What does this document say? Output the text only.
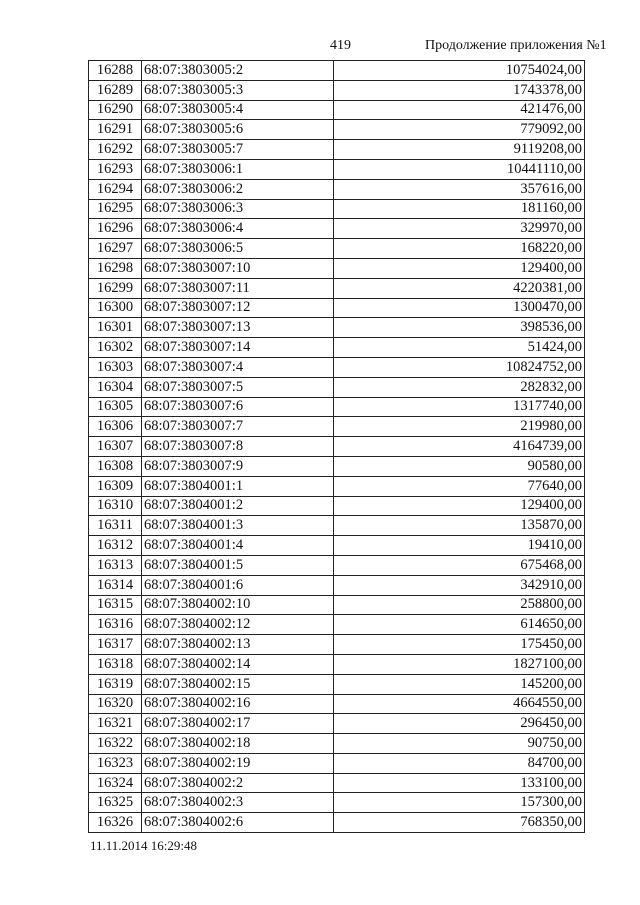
419	Продолжение приложения №1
16288	68:07:3803005:2	10754024,00
16289	68:07:3803005:3	1743378,00
16290	68:07:3803005:4	421476,00
16291	68:07:3803005:6	779092,00
16292	68:07:3803005:7	9119208,00
16293	68:07:3803006:1	10441110,00
16294	68:07:3803006:2	357616,00
16295	68:07:3803006:3	181160,00
16296	68:07:3803006:4	329970,00
16297	68:07:3803006:5	168220,00
16298	68:07:3803007:10	129400,00
16299	68:07:3803007:11	4220381,00
16300	68:07:3803007:12	1300470,00
16301	68:07:3803007:13	398536,00
16302	68:07:3803007:14	51424,00
16303	68:07:3803007:4	10824752,00
16304	68:07:3803007:5	282832,00
16305	68:07:3803007:6	1317740,00
16306	68:07:3803007:7	219980,00
16307	68:07:3803007:8	4164739,00
16308	68:07:3803007:9	90580,00
16309	68:07:3804001:1	77640,00
16310	68:07:3804001:2	129400,00
16311	68:07:3804001:3	135870,00
16312	68:07:3804001:4	19410,00
16313	68:07:3804001:5	675468,00
16314	68:07:3804001:6	342910,00
16315	68:07:3804002:10	258800,00
16316	68:07:3804002:12	614650,00
16317	68:07:3804002:13	175450,00
16318	68:07:3804002:14	1827100,00
16319	68:07:3804002:15	145200,00
16320	68:07:3804002:16	4664550,00
16321	68:07:3804002:17	296450,00
16322	68:07:3804002:18	90750,00
16323	68:07:3804002:19	84700,00
16324	68:07:3804002:2	133100,00
16325	68:07:3804002:3	157300,00
16326	68:07:3804002:6	768350,00
11.11.2014 16:29:48
